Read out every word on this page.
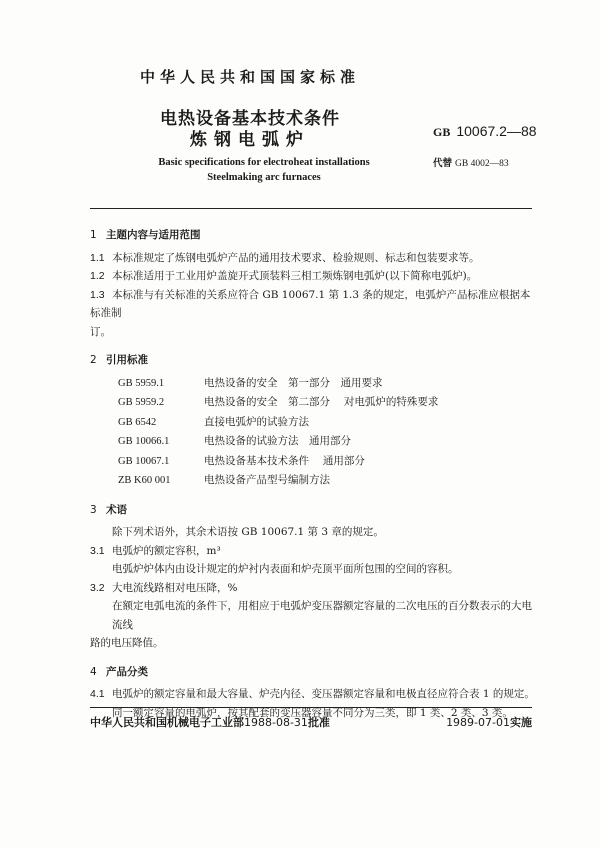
中华人民共和国国家标准
电热设备基本技术条件
炼钢电弧炉
Basic specifications for electroheat installations
Steelmaking arc furnaces
GB 10067.2—88
代替 GB 4002—83
1 主题内容与适用范围
1.1 本标准规定了炼钢电弧炉产品的通用技术要求、检验规则、标志和包装要求等。
1.2 本标准适用于工业用炉盖旋开式顶装料三相工频炼钢电弧炉(以下简称电弧炉)。
1.3 本标准与有关标准的关系应符合 GB 10067.1 第 1.3 条的规定，电弧炉产品标准应根据本标准制
订。
2 引用标准
GB 5959.1	电热设备的安全　第一部分　通用要求
GB 5959.2	电热设备的安全　第二部分　 对电弧炉的特殊要求
GB 6542	直接电弧炉的试验方法
GB 10066.1	电热设备的试验方法　通用部分
GB 10067.1	电热设备基本技术条件　 通用部分
ZB K60 001	电热设备产品型号编制方法
3 术语
除下列术语外，其余术语按 GB 10067.1 第 3 章的规定。
3.1 电弧炉的额定容积，m³
电弧炉炉体内由设计规定的炉衬内表面和炉壳顶平面所包围的空间的容积。
3.2 大电流线路相对电压降，%
在额定电弧电流的条件下，用相应于电弧炉变压器额定容量的二次电压的百分数表示的大电流线
路的电压降值。
4 产品分类
4.1 电弧炉的额定容量和最大容量、炉壳内径、变压器额定容量和电极直径应符合表 1 的规定。
同一额定容量的电弧炉，按其配套的变压器容量不同分为三类，即 1 类、2 类、3 类。
中华人民共和国机械电子工业部1988-08-31批准	1989-07-01实施
